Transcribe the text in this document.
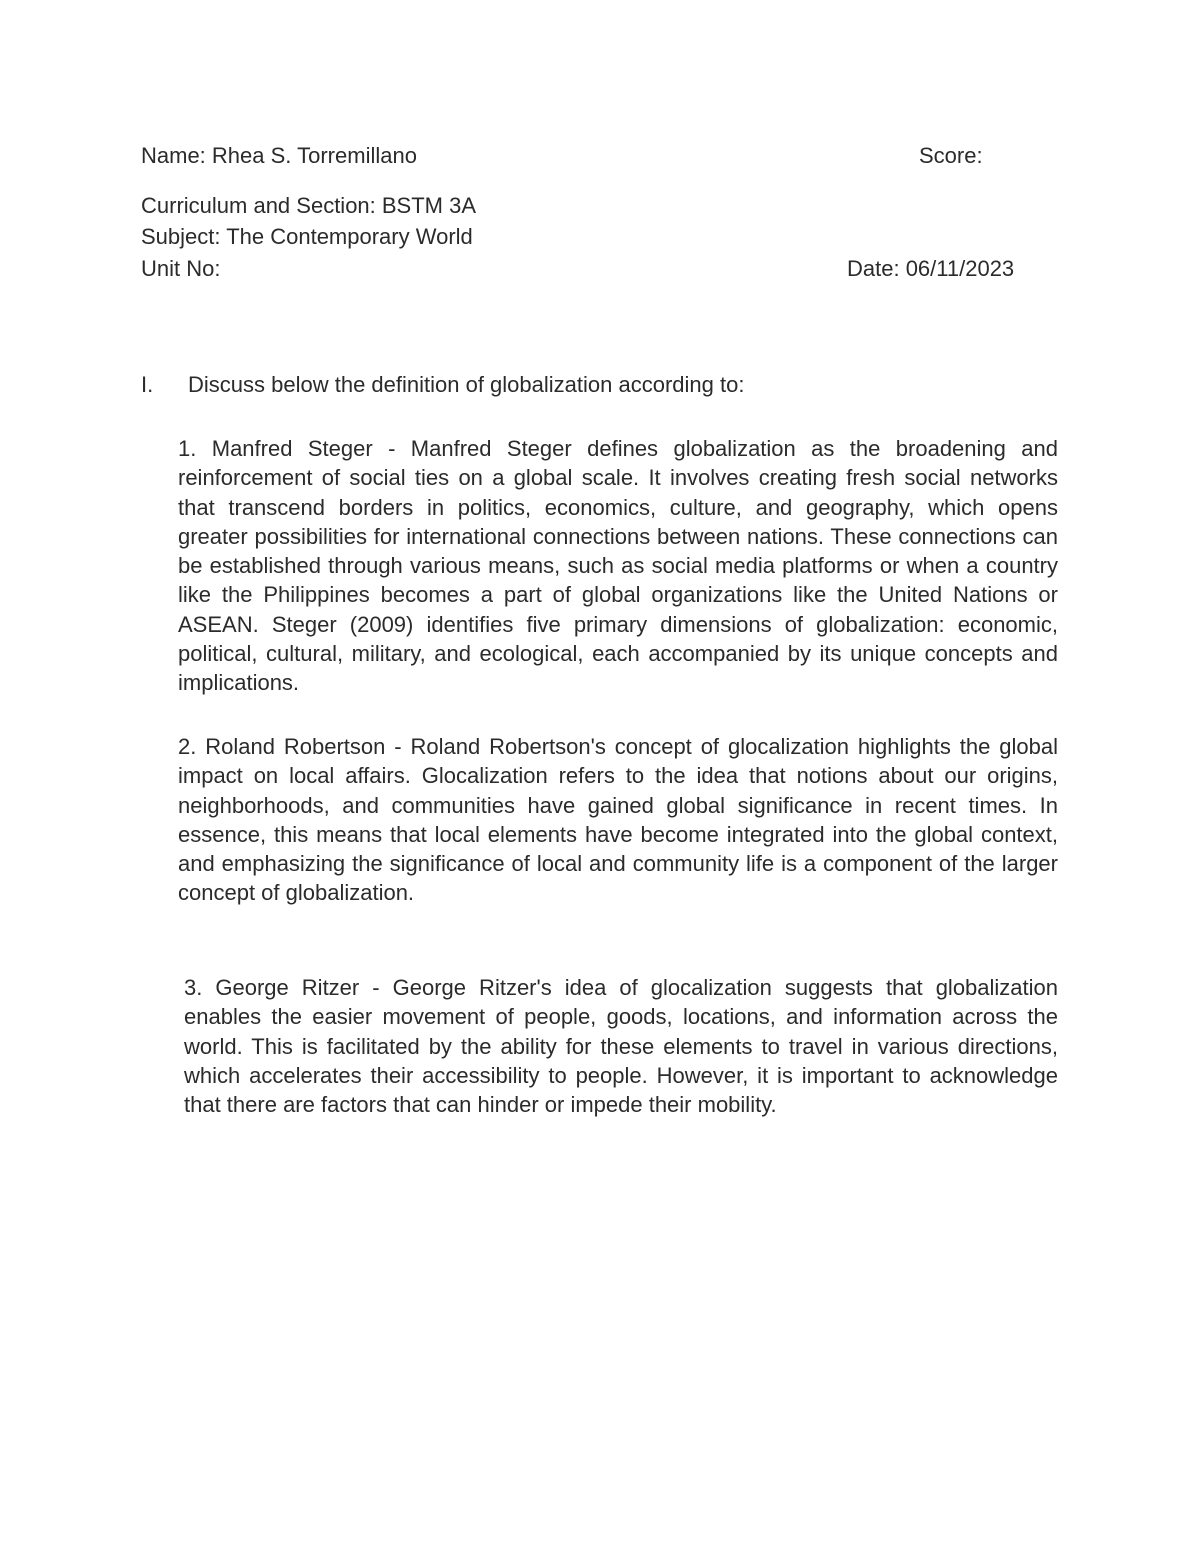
Name: Rhea S. Torremillano	Score:
Curriculum and Section: BSTM 3A
Subject: The Contemporary World
Unit No:	Date: 06/11/2023
I. Discuss below the definition of globalization according to:
1. Manfred Steger - Manfred Steger defines globalization as the broadening and reinforcement of social ties on a global scale. It involves creating fresh social networks that transcend borders in politics, economics, culture, and geography, which opens greater possibilities for international connections between nations. These connections can be established through various means, such as social media platforms or when a country like the Philippines becomes a part of global organizations like the United Nations or ASEAN. Steger (2009) identifies five primary dimensions of globalization: economic, political, cultural, military, and ecological, each accompanied by its unique concepts and implications.
2. Roland Robertson - Roland Robertson's concept of glocalization highlights the global impact on local affairs. Glocalization refers to the idea that notions about our origins, neighborhoods, and communities have gained global significance in recent times. In essence, this means that local elements have become integrated into the global context, and emphasizing the significance of local and community life is a component of the larger concept of globalization.
3. George Ritzer - George Ritzer's idea of glocalization suggests that globalization enables the easier movement of people, goods, locations, and information across the world. This is facilitated by the ability for these elements to travel in various directions, which accelerates their accessibility to people. However, it is important to acknowledge that there are factors that can hinder or impede their mobility.
